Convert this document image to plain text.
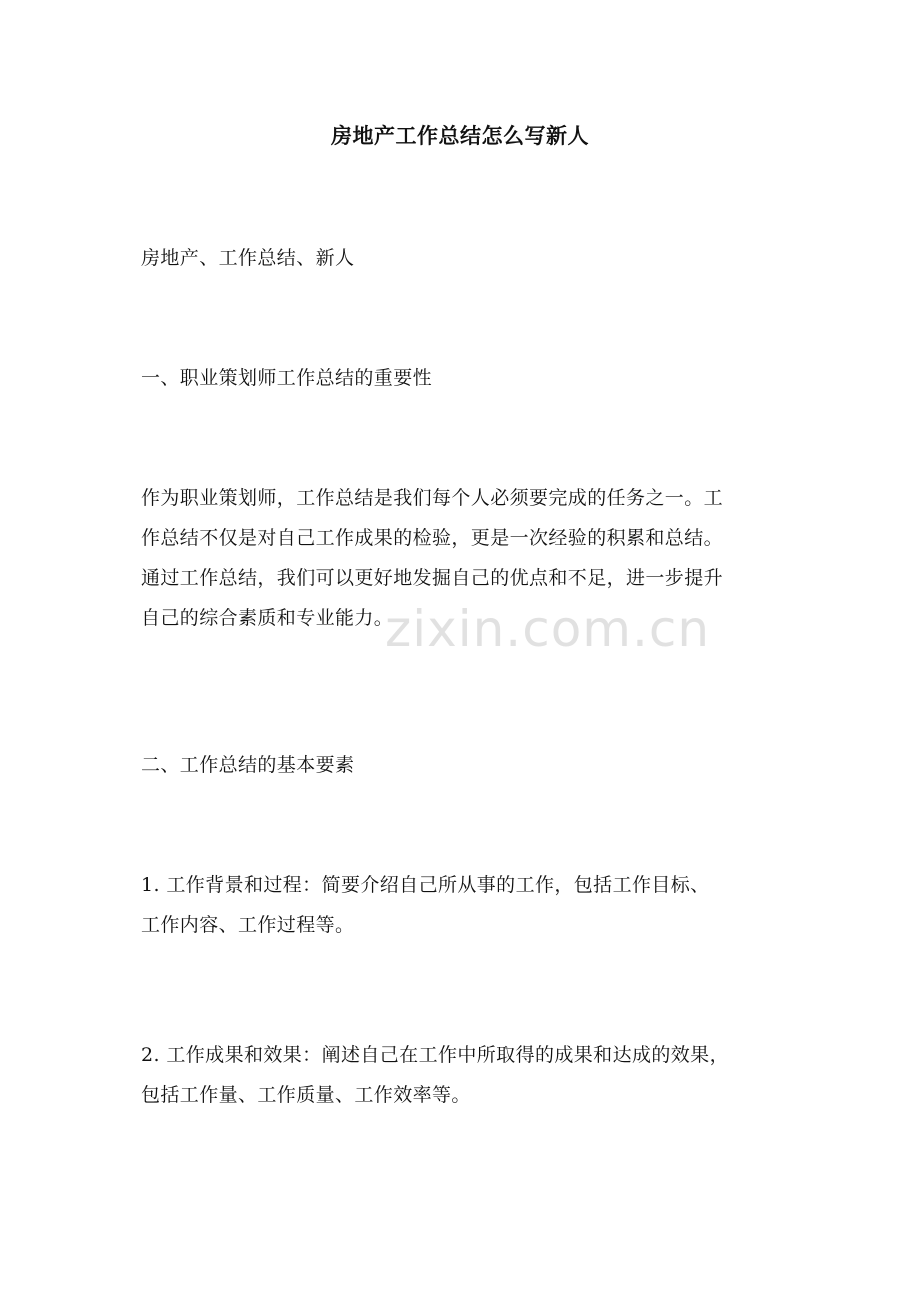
房地产工作总结怎么写新人
房地产、工作总结、新人
一、职业策划师工作总结的重要性
作为职业策划师，工作总结是我们每个人必须要完成的任务之一。工
作总结不仅是对自己工作成果的检验，更是一次经验的积累和总结。
通过工作总结，我们可以更好地发掘自己的优点和不足，进一步提升
自己的综合素质和专业能力。
二、工作总结的基本要素
1. 工作背景和过程：简要介绍自己所从事的工作，包括工作目标、
工作内容、工作过程等。
2. 工作成果和效果：阐述自己在工作中所取得的成果和达成的效果，
包括工作量、工作质量、工作效率等。
zixin.com.cn
